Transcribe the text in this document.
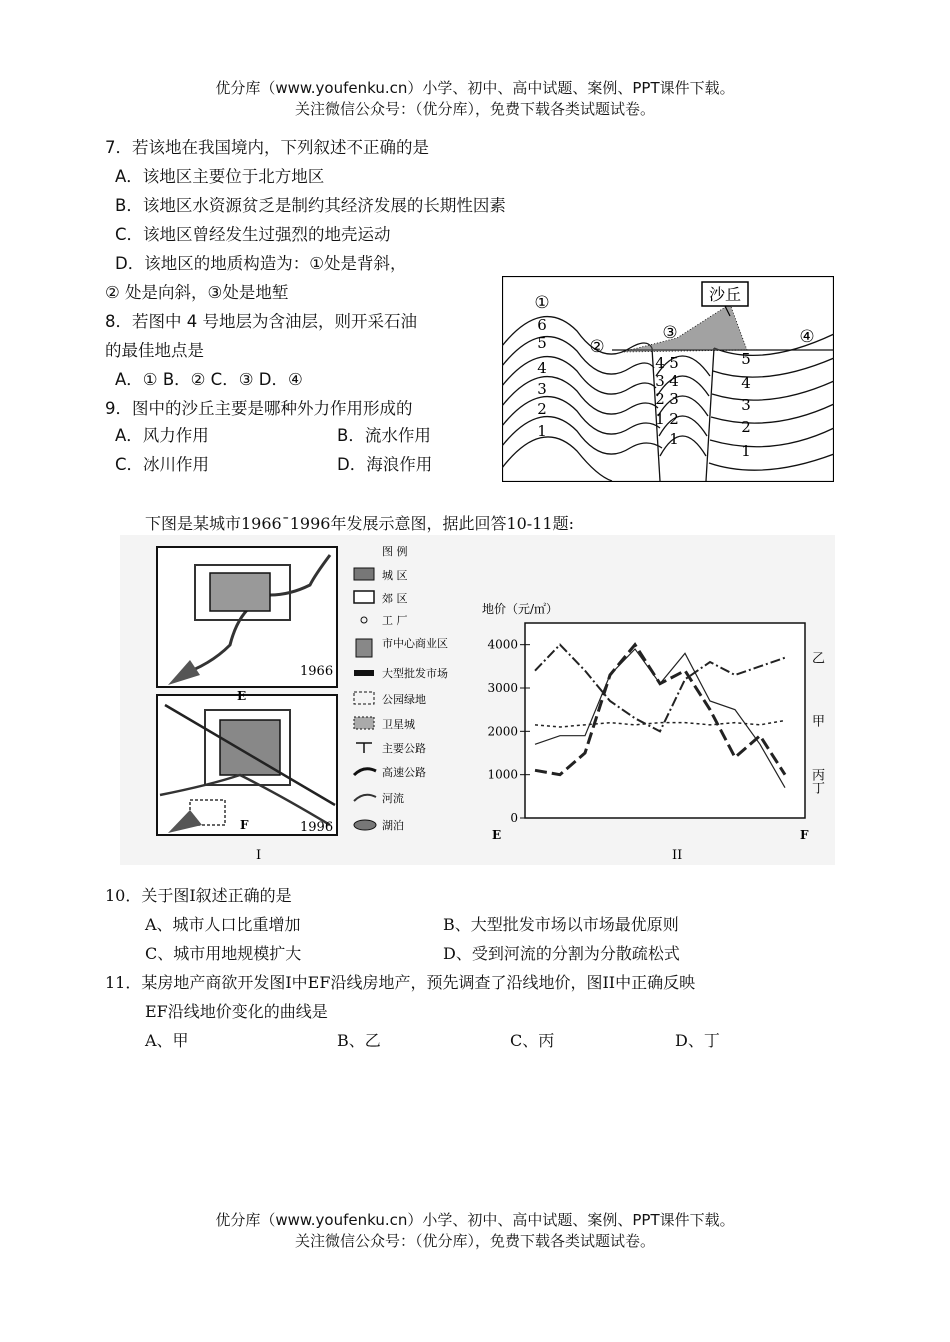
优分库（www.youfenku.cn）小学、初中、高中试题、案例、PPT课件下载。
关注微信公众号：（优分库），免费下载各类试题试卷。
7．若该地在我国境内，下列叙述不正确的是
A．该地区主要位于北方地区
B．该地区水资源贫乏是制约其经济发展的长期性因素
C．该地区曾经发生过强烈的地壳运动
D．该地区的地质构造为：①处是背斜，
② 处是向斜，③处是地堑
8．若图中 4 号地层为含油层，则开采石油
的最佳地点是
A．① B．② C．③ D．④
9．图中的沙丘主要是哪种外力作用形成的
A．风力作用	B．流水作用
C．冰川作用	D．海浪作用
沙丘
①
②
③	④
6
5
4
3
2
1
4
3
2
1
5
4
3
2
1
5
4
3
2
1
下图是某城市1966¯1996年发展示意图，据此回答10-11题:
1966
E
F	1996
I
图 例
城 区
郊 区
工 厂
市中心商业区
大型批发市场
公园绿地
卫星城
主要公路
高速公路
河流
湖泊
地价（元/㎡）
0
1000
2000
3000
4000
甲
乙
丙
丁
E	F
II
10．关于图Ⅰ叙述正确的是
A、城市人口比重增加	B、大型批发市场以市场最优原则
C、城市用地规模扩大	D、受到河流的分割为分散疏松式
11．某房地产商欲开发图Ⅰ中EF沿线房地产，预先调查了沿线地价，图II中正确反映
EF沿线地价变化的曲线是
A、甲	B、乙	C、丙	D、丁
优分库（www.youfenku.cn）小学、初中、高中试题、案例、PPT课件下载。
关注微信公众号：（优分库），免费下载各类试题试卷。
